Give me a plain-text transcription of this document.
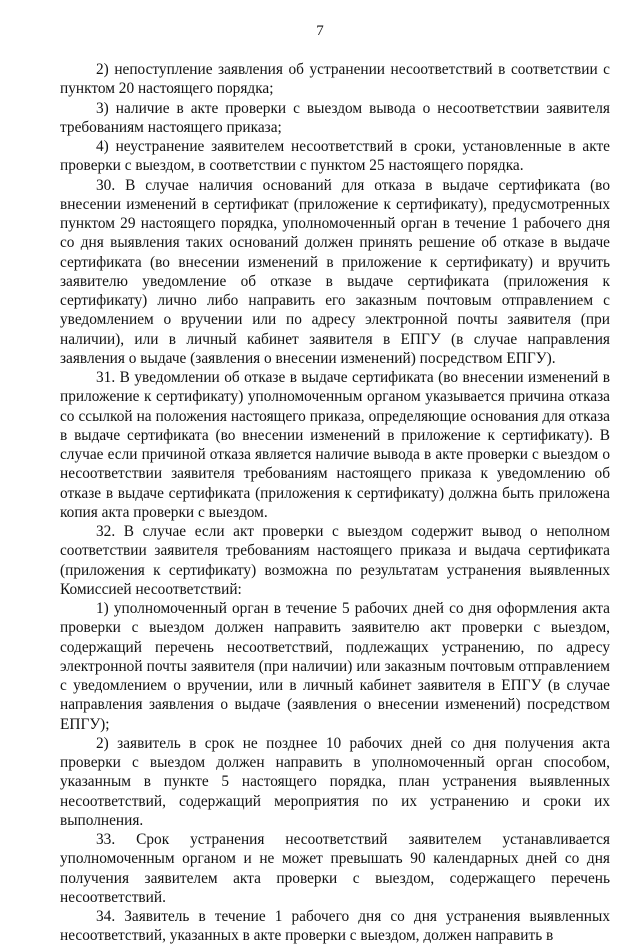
7

2) непоступление заявления об устранении несоответствий в соответствии с пунктом 20 настоящего порядка;

3) наличие в акте проверки с выездом вывода о несоответствии заявителя требованиям настоящего приказа;

4) неустранение заявителем несоответствий в сроки, установленные в акте проверки с выездом, в соответствии с пунктом 25 настоящего порядка.

30. В случае наличия оснований для отказа в выдаче сертификата (во внесении изменений в сертификат (приложение к сертификату), предусмотренных пунктом 29 настоящего порядка, уполномоченный орган в течение 1 рабочего дня со дня выявления таких оснований должен принять решение об отказе в выдаче сертификата (во внесении изменений в приложение к сертификату) и вручить заявителю уведомление об отказе в выдаче сертификата (приложения к сертификату) лично либо направить его заказным почтовым отправлением с уведомлением о вручении или по адресу электронной почты заявителя (при наличии), или в личный кабинет заявителя в ЕПГУ (в случае направления заявления о выдаче (заявления о внесении изменений) посредством ЕПГУ).

31. В уведомлении об отказе в выдаче сертификата (во внесении изменений в приложение к сертификату) уполномоченным органом указывается причина отказа со ссылкой на положения настоящего приказа, определяющие основания для отказа в выдаче сертификата (во внесении изменений в приложение к сертификату). В случае если причиной отказа является наличие вывода в акте проверки с выездом о несоответствии заявителя требованиям настоящего приказа к уведомлению об отказе в выдаче сертификата (приложения к сертификату) должна быть приложена копия акта проверки с выездом.

32. В случае если акт проверки с выездом содержит вывод о неполном соответствии заявителя требованиям настоящего приказа и выдача сертификата (приложения к сертификату) возможна по результатам устранения выявленных Комиссией несоответствий:

1) уполномоченный орган в течение 5 рабочих дней со дня оформления акта проверки с выездом должен направить заявителю акт проверки с выездом, содержащий перечень несоответствий, подлежащих устранению, по адресу электронной почты заявителя (при наличии) или заказным почтовым отправлением с уведомлением о вручении, или в личный кабинет заявителя в ЕПГУ (в случае направления заявления о выдаче (заявления о внесении изменений) посредством ЕПГУ);

2) заявитель в срок не позднее 10 рабочих дней со дня получения акта проверки с выездом должен направить в уполномоченный орган способом, указанным в пункте 5 настоящего порядка, план устранения выявленных несоответствий, содержащий мероприятия по их устранению и сроки их выполнения.

33. Срок устранения несоответствий заявителем устанавливается уполномоченным органом и не может превышать 90 календарных дней со дня получения заявителем акта проверки с выездом, содержащего перечень несоответствий.

34. Заявитель в течение 1 рабочего дня со дня устранения выявленных несоответствий, указанных в акте проверки с выездом, должен направить в
